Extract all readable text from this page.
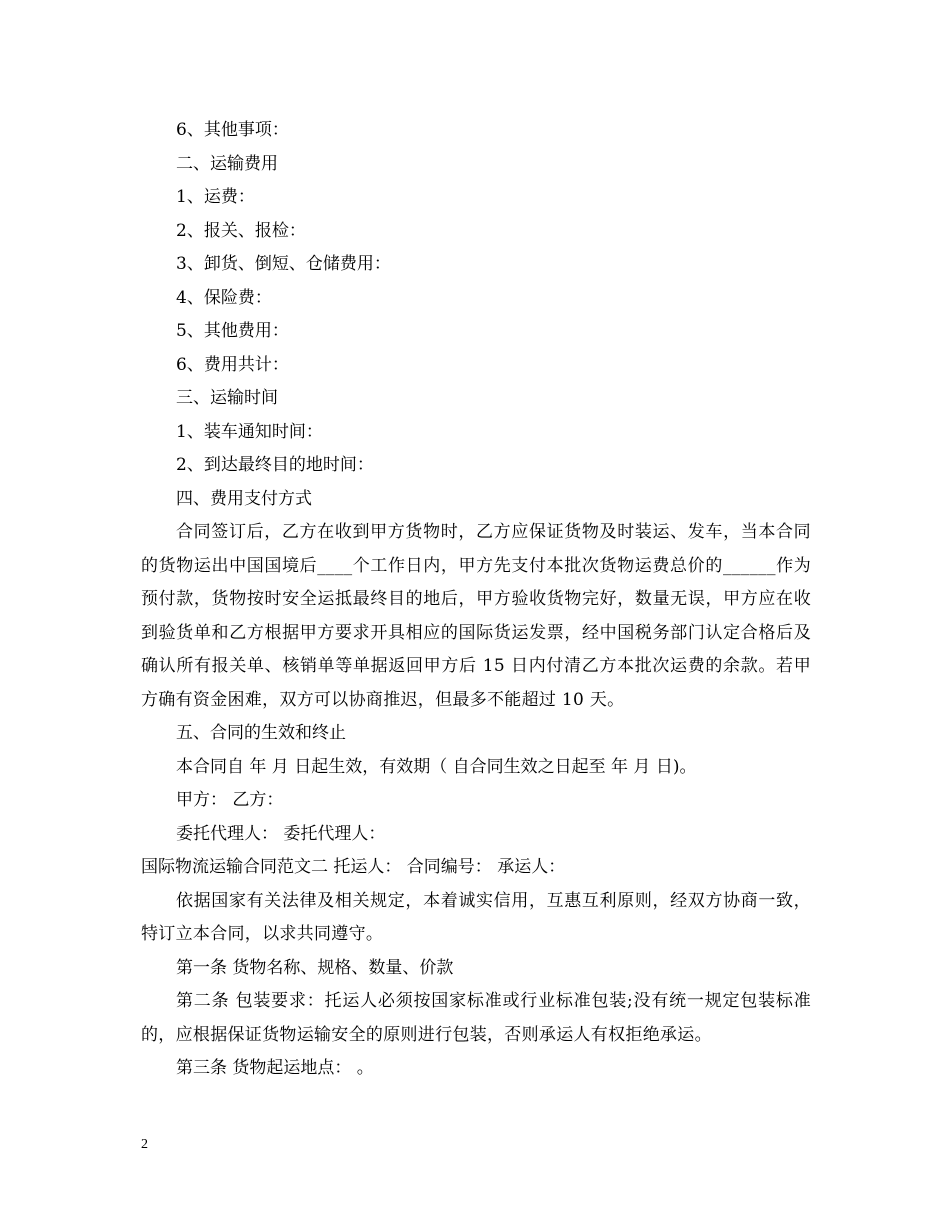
6、其他事项：
二、运输费用
1、运费：
2、报关、报检：
3、卸货、倒短、仓储费用：
4、保险费：
5、其他费用：
6、费用共计：
三、运输时间
1、装车通知时间：
2、到达最终目的地时间：
四、费用支付方式
合同签订后，乙方在收到甲方货物时，乙方应保证货物及时装运、发车，当本合同的货物运出中国国境后____个工作日内，甲方先支付本批次货物运费总价的______作为预付款，货物按时安全运抵最终目的地后，甲方验收货物完好，数量无误，甲方应在收到验货单和乙方根据甲方要求开具相应的国际货运发票，经中国税务部门认定合格后及确认所有报关单、核销单等单据返回甲方后 15 日内付清乙方本批次运费的余款。若甲方确有资金困难，双方可以协商推迟，但最多不能超过 10 天。
五、合同的生效和终止
本合同自 年 月 日起生效，有效期（ 自合同生效之日起至 年 月 日)。
甲方： 乙方：
委托代理人： 委托代理人：
国际物流运输合同范文二 托运人： 合同编号： 承运人：
依据国家有关法律及相关规定，本着诚实信用，互惠互利原则，经双方协商一致，特订立本合同，以求共同遵守。
第一条 货物名称、规格、数量、价款
第二条 包装要求：托运人必须按国家标准或行业标准包装;没有统一规定包装标准的，应根据保证货物运输安全的原则进行包装，否则承运人有权拒绝承运。
第三条 货物起运地点： 。
2
